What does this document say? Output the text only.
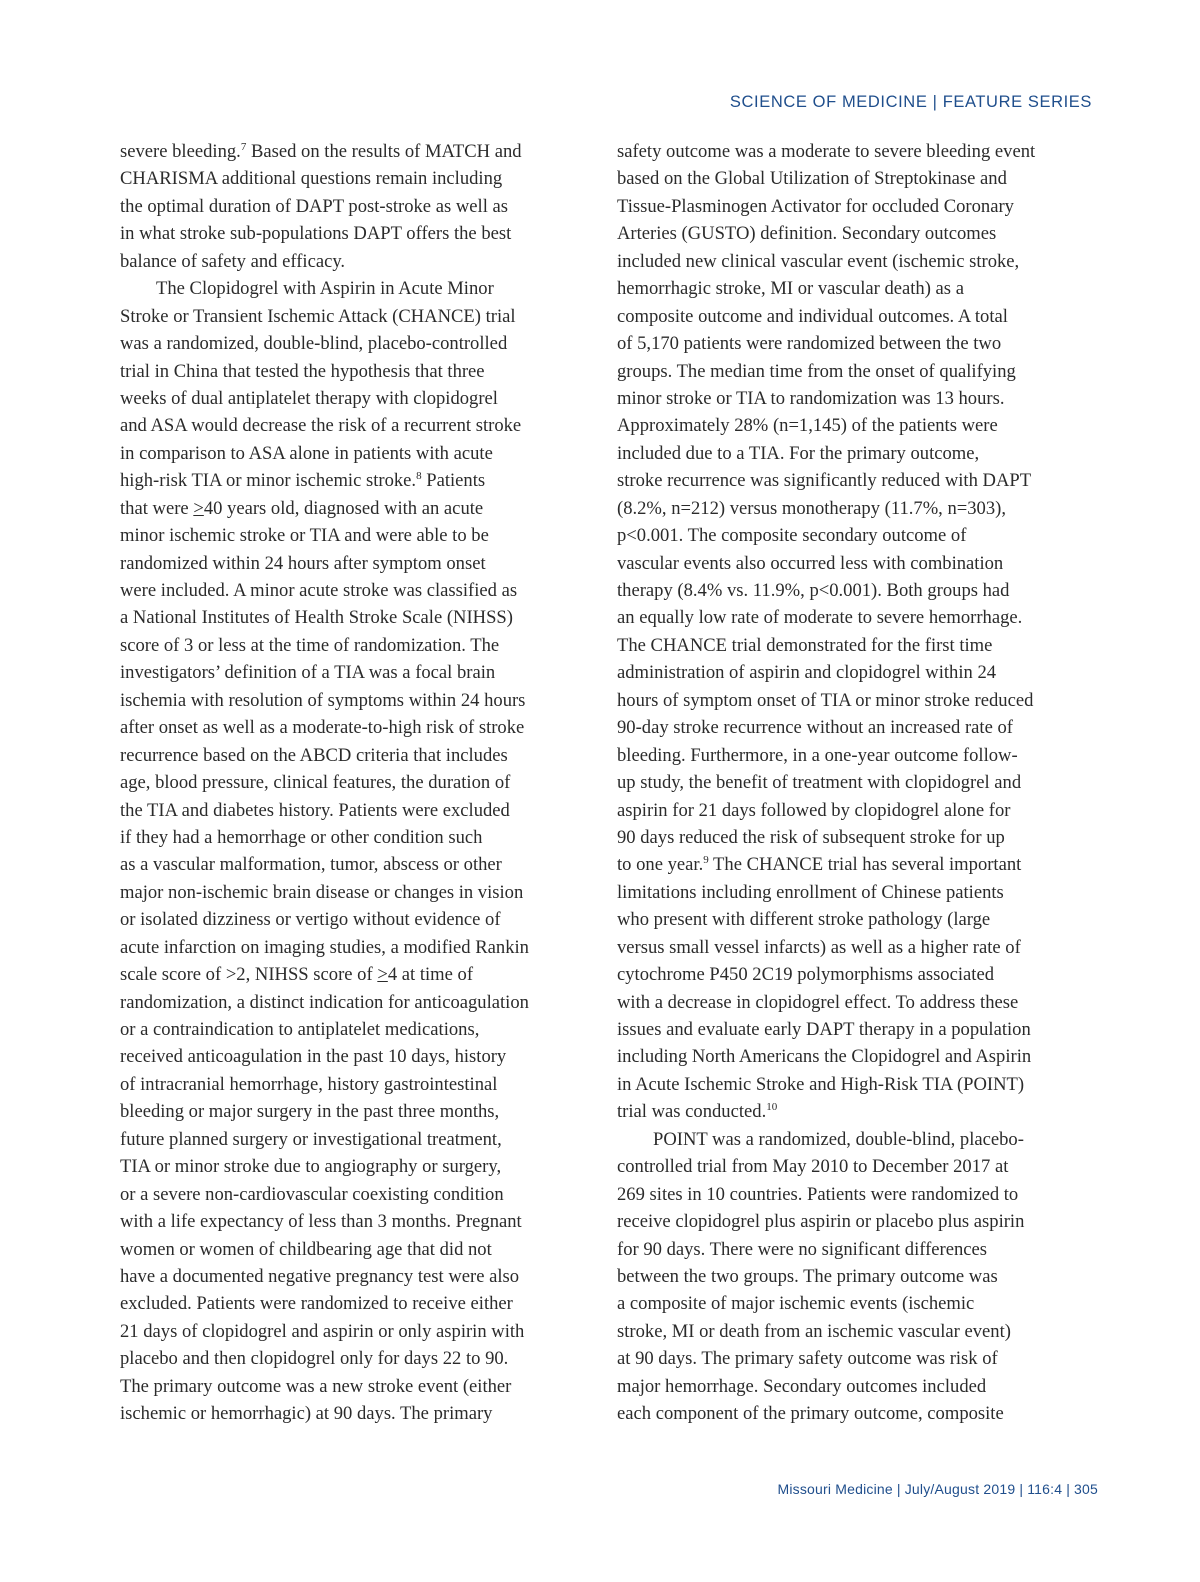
SCIENCE OF MEDICINE | FEATURE SERIES
severe bleeding.$^7$ Based on the results of MATCH and
CHARISMA additional questions remain including
the optimal duration of DAPT post-stroke as well as
in what stroke sub-populations DAPT offers the best
balance of safety and efficacy.
The Clopidogrel with Aspirin in Acute Minor
Stroke or Transient Ischemic Attack (CHANCE) trial
was a randomized, double-blind, placebo-controlled
trial in China that tested the hypothesis that three
weeks of dual antiplatelet therapy with clopidogrel
and ASA would decrease the risk of a recurrent stroke
in comparison to ASA alone in patients with acute
high-risk TIA or minor ischemic stroke.$^8$ Patients
that were ≥40 years old, diagnosed with an acute
minor ischemic stroke or TIA and were able to be
randomized within 24 hours after symptom onset
were included. A minor acute stroke was classified as
a National Institutes of Health Stroke Scale (NIHSS)
score of 3 or less at the time of randomization. The
investigators’ definition of a TIA was a focal brain
ischemia with resolution of symptoms within 24 hours
after onset as well as a moderate-to-high risk of stroke
recurrence based on the ABCD criteria that includes
age, blood pressure, clinical features, the duration of
the TIA and diabetes history. Patients were excluded
if they had a hemorrhage or other condition such
as a vascular malformation, tumor, abscess or other
major non-ischemic brain disease or changes in vision
or isolated dizziness or vertigo without evidence of
acute infarction on imaging studies, a modified Rankin
scale score of >2, NIHSS score of ≥4 at time of
randomization, a distinct indication for anticoagulation
or a contraindication to antiplatelet medications,
received anticoagulation in the past 10 days, history
of intracranial hemorrhage, history gastrointestinal
bleeding or major surgery in the past three months,
future planned surgery or investigational treatment,
TIA or minor stroke due to angiography or surgery,
or a severe non-cardiovascular coexisting condition
with a life expectancy of less than 3 months. Pregnant
women or women of childbearing age that did not
have a documented negative pregnancy test were also
excluded. Patients were randomized to receive either
21 days of clopidogrel and aspirin or only aspirin with
placebo and then clopidogrel only for days 22 to 90.
The primary outcome was a new stroke event (either
ischemic or hemorrhagic) at 90 days. The primary
safety outcome was a moderate to severe bleeding event
based on the Global Utilization of Streptokinase and
Tissue-Plasminogen Activator for occluded Coronary
Arteries (GUSTO) definition. Secondary outcomes
included new clinical vascular event (ischemic stroke,
hemorrhagic stroke, MI or vascular death) as a
composite outcome and individual outcomes. A total
of 5,170 patients were randomized between the two
groups. The median time from the onset of qualifying
minor stroke or TIA to randomization was 13 hours.
Approximately 28% (n=1,145) of the patients were
included due to a TIA. For the primary outcome,
stroke recurrence was significantly reduced with DAPT
(8.2%, n=212) versus monotherapy (11.7%, n=303),
p<0.001. The composite secondary outcome of
vascular events also occurred less with combination
therapy (8.4% vs. 11.9%, p<0.001). Both groups had
an equally low rate of moderate to severe hemorrhage.
The CHANCE trial demonstrated for the first time
administration of aspirin and clopidogrel within 24
hours of symptom onset of TIA or minor stroke reduced
90-day stroke recurrence without an increased rate of
bleeding. Furthermore, in a one-year outcome follow-
up study, the benefit of treatment with clopidogrel and
aspirin for 21 days followed by clopidogrel alone for
90 days reduced the risk of subsequent stroke for up
to one year.$^9$ The CHANCE trial has several important
limitations including enrollment of Chinese patients
who present with different stroke pathology (large
versus small vessel infarcts) as well as a higher rate of
cytochrome P450 2C19 polymorphisms associated
with a decrease in clopidogrel effect. To address these
issues and evaluate early DAPT therapy in a population
including North Americans the Clopidogrel and Aspirin
in Acute Ischemic Stroke and High-Risk TIA (POINT)
trial was conducted.$^{10}$
POINT was a randomized, double-blind, placebo-
controlled trial from May 2010 to December 2017 at
269 sites in 10 countries. Patients were randomized to
receive clopidogrel plus aspirin or placebo plus aspirin
for 90 days. There were no significant differences
between the two groups. The primary outcome was
a composite of major ischemic events (ischemic
stroke, MI or death from an ischemic vascular event)
at 90 days. The primary safety outcome was risk of
major hemorrhage. Secondary outcomes included
each component of the primary outcome, composite
Missouri Medicine | July/August 2019 | 116:4 | 305
